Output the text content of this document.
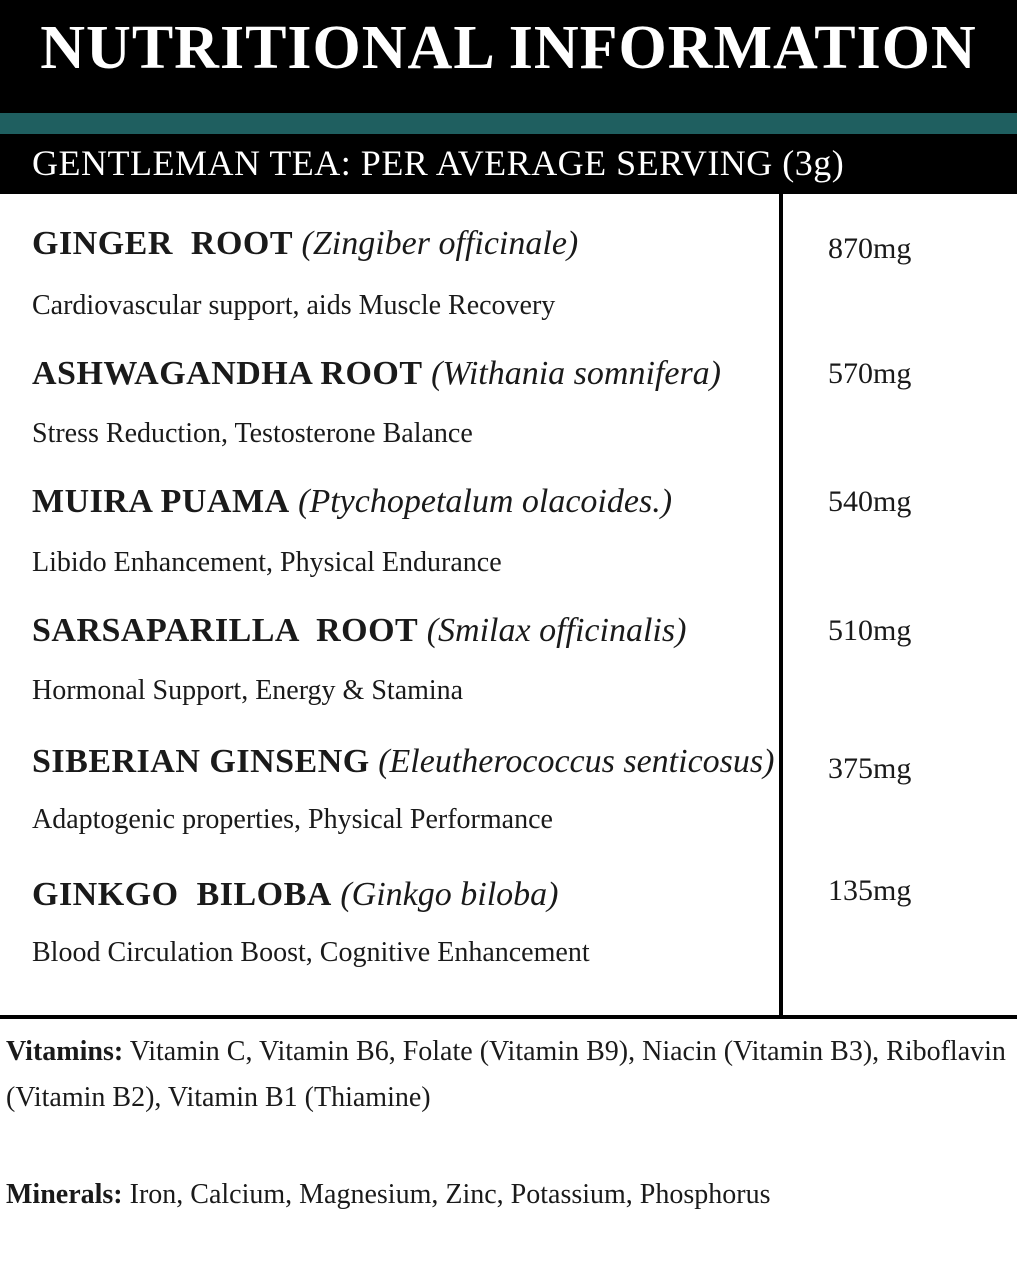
NUTRITIONAL INFORMATION
GENTLEMAN TEA: PER AVERAGE SERVING (3g)
GINGER  ROOT (Zingiber officinale)
Cardiovascular support, aids Muscle Recovery
870mg
ASHWAGANDHA ROOT (Withania somnifera)
Stress Reduction, Testosterone Balance
570mg
MUIRA PUAMA (Ptychopetalum olacoides.)
Libido Enhancement, Physical Endurance
540mg
SARSAPARILLA  ROOT (Smilax officinalis)
Hormonal Support, Energy & Stamina
510mg
SIBERIAN GINSENG (Eleutherococcus senticosus)
Adaptogenic properties, Physical Performance
375mg
GINKGO  BILOBA (Ginkgo biloba)
Blood Circulation Boost, Cognitive Enhancement
135mg
Vitamins: Vitamin C, Vitamin B6, Folate (Vitamin B9), Niacin (Vitamin B3), Riboflavin (Vitamin B2), Vitamin B1 (Thiamine)
Minerals: Iron, Calcium, Magnesium, Zinc, Potassium, Phosphorus
